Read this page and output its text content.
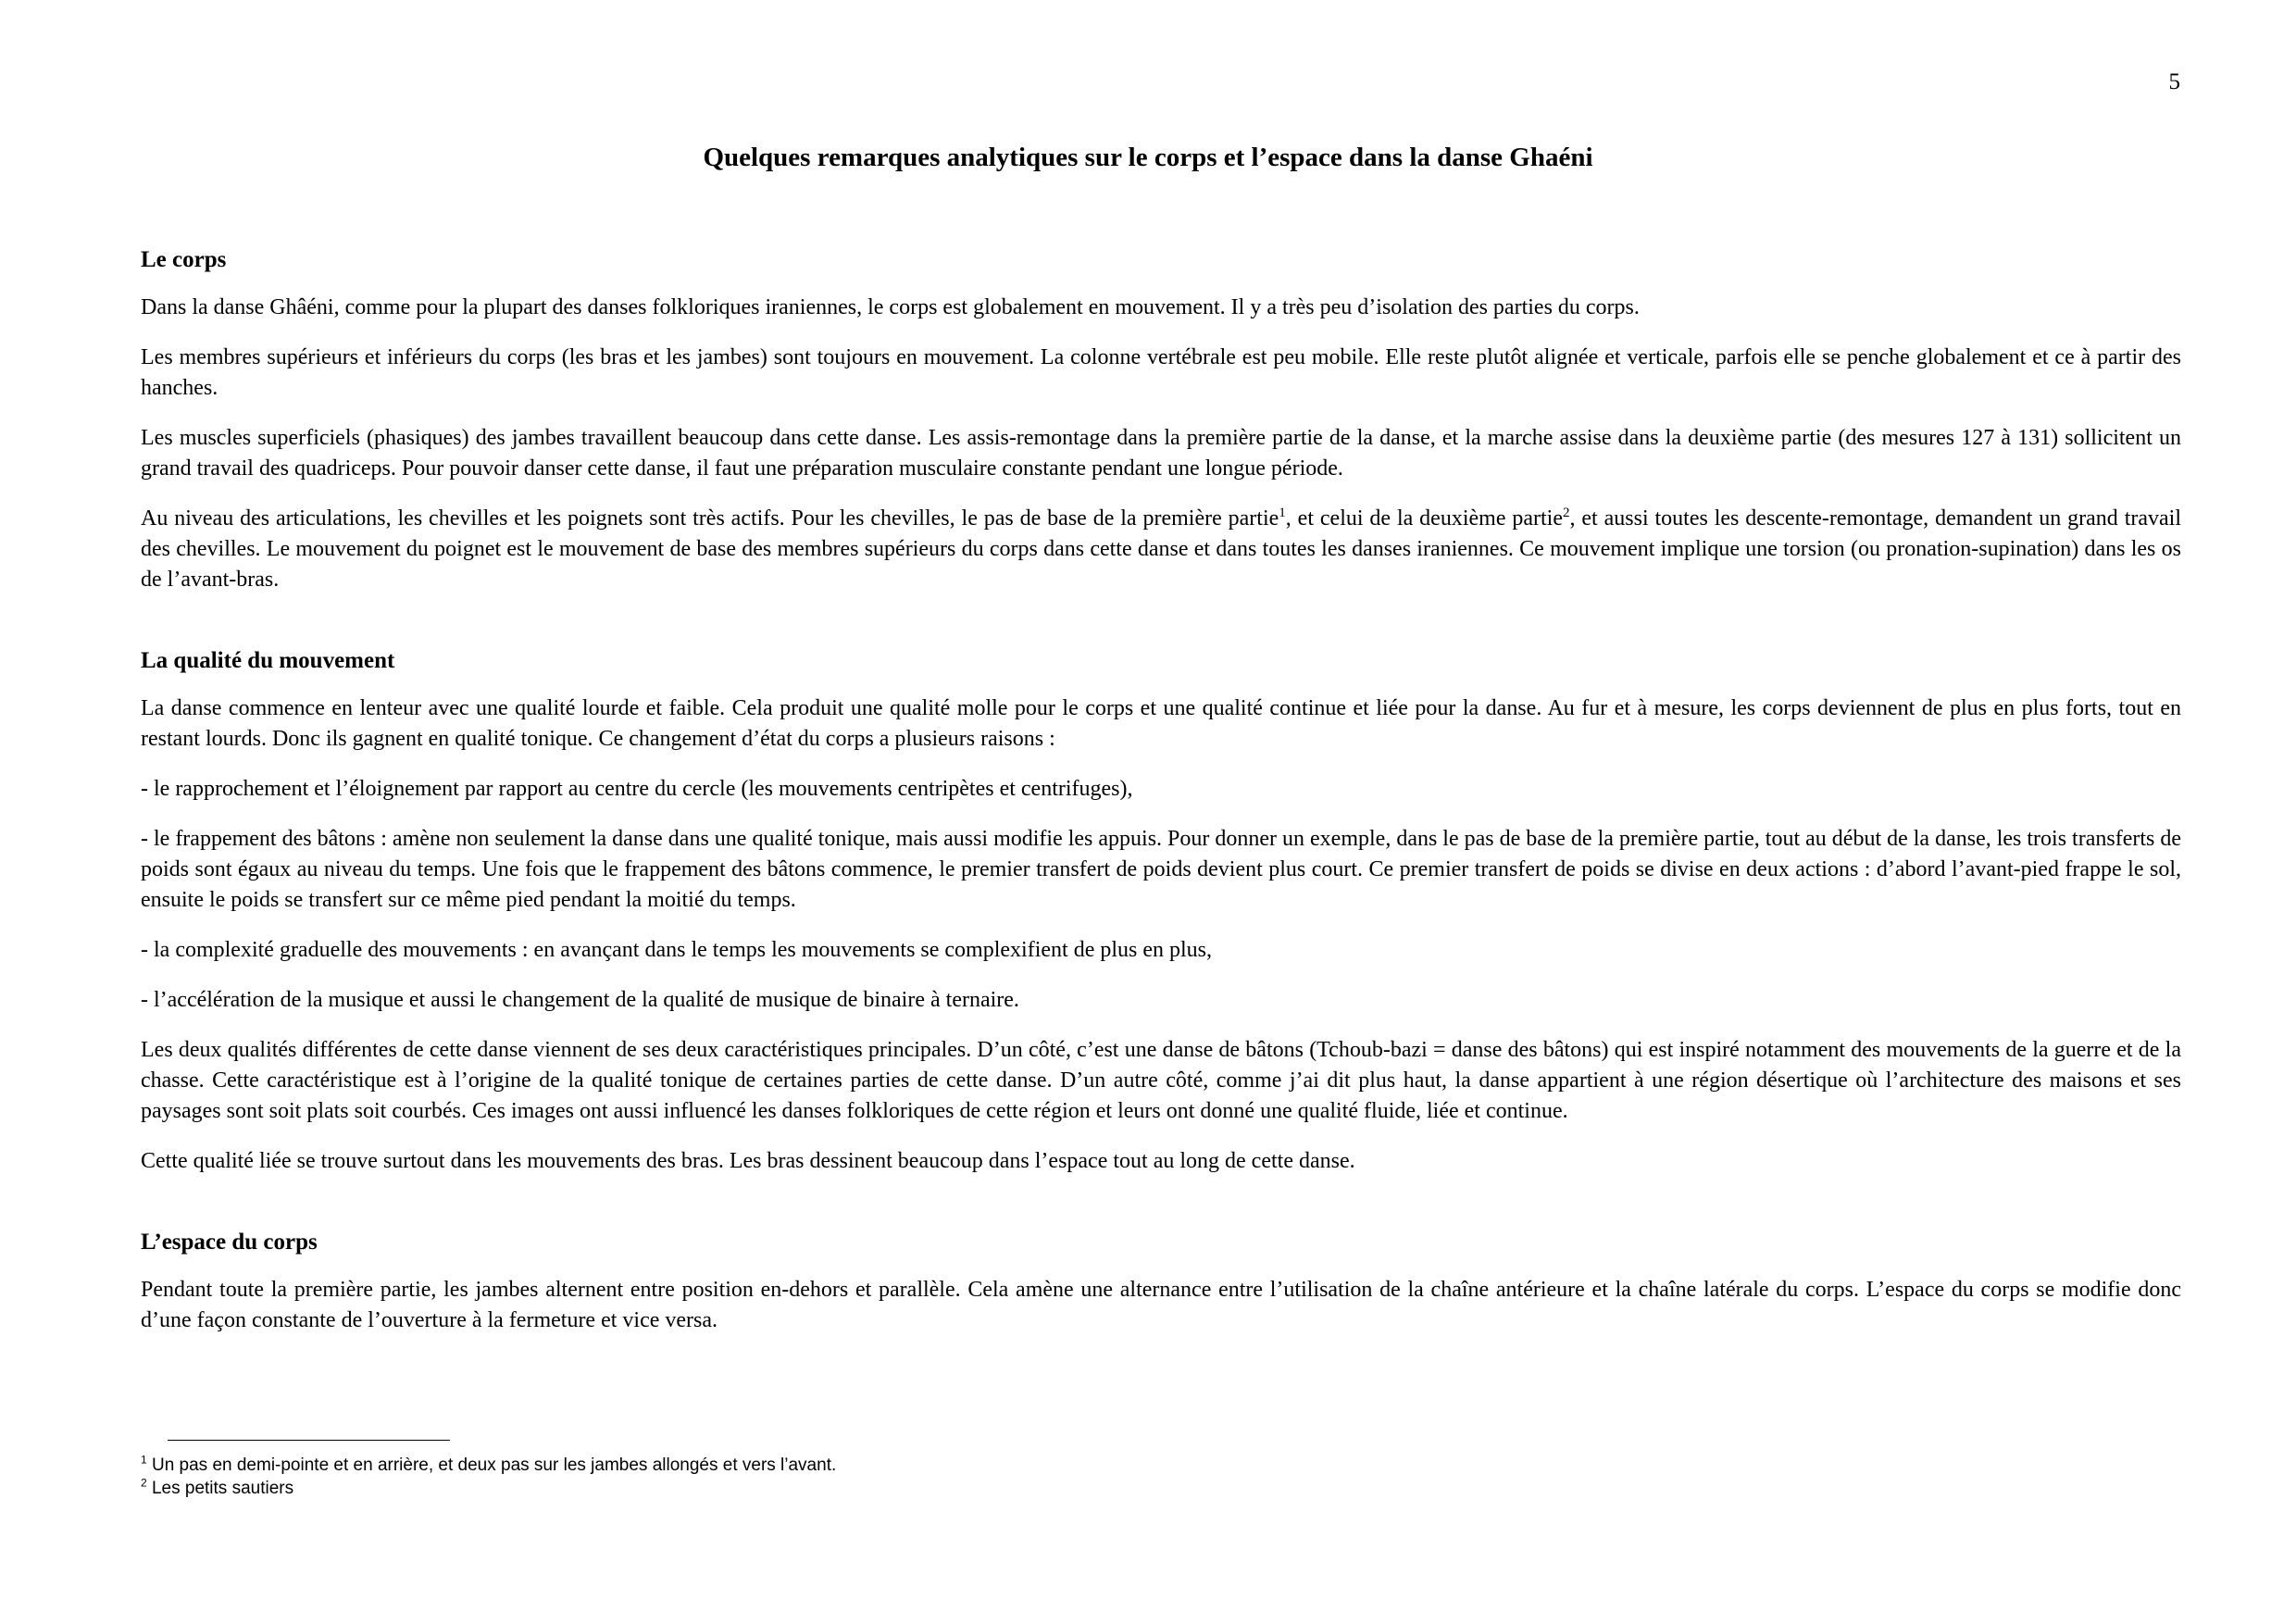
5
Quelques remarques analytiques sur le corps et l’espace dans la danse Ghaéni
Le corps

Dans la danse Ghâéni, comme pour la plupart des danses folkloriques iraniennes, le corps est globalement en mouvement. Il y a très peu d’isolation des parties du corps.

Les membres supérieurs et inférieurs du corps (les bras et les jambes) sont toujours en mouvement. La colonne vertébrale est peu mobile. Elle reste plutôt alignée et verticale, parfois elle se penche globalement et ce à partir des hanches.

Les muscles superficiels (phasiques) des jambes travaillent beaucoup dans cette danse. Les assis-remontage dans la première partie de la danse, et la marche assise dans la deuxième partie (des mesures 127 à 131) sollicitent un grand travail des quadriceps. Pour pouvoir danser cette danse, il faut une préparation musculaire constante pendant une longue période.

Au niveau des articulations, les chevilles et les poignets sont très actifs. Pour les chevilles, le pas de base de la première partie$^1$, et celui de la deuxième partie$^2$, et aussi toutes les descente-remontage, demandent un grand travail des chevilles. Le mouvement du poignet est le mouvement de base des membres supérieurs du corps dans cette danse et dans toutes les danses iraniennes. Ce mouvement implique une torsion (ou pronation-supination) dans les os de l’avant-bras.

La qualité du mouvement

La danse commence en lenteur avec une qualité lourde et faible. Cela produit une qualité molle pour le corps et une qualité continue et liée pour la danse. Au fur et à mesure, les corps deviennent de plus en plus forts, tout en restant lourds. Donc ils gagnent en qualité tonique. Ce changement d’état du corps a plusieurs raisons :

- le rapprochement et l’éloignement par rapport au centre du cercle (les mouvements centripètes et centrifuges),

- le frappement des bâtons : amène non seulement la danse dans une qualité tonique, mais aussi modifie les appuis. Pour donner un exemple, dans le pas de base de la première partie, tout au début de la danse, les trois transferts de poids sont égaux au niveau du temps. Une fois que le frappement des bâtons commence, le premier transfert de poids devient plus court. Ce premier transfert de poids se divise en deux actions : d’abord l’avant-pied frappe le sol, ensuite le poids se transfert sur ce même pied pendant la moitié du temps.

- la complexité graduelle des mouvements : en avançant dans le temps les mouvements se complexifient de plus en plus,

- l’accélération de la musique et aussi le changement de la qualité de musique de binaire à ternaire.

Les deux qualités différentes de cette danse viennent de ses deux caractéristiques principales. D’un côté, c’est une danse de bâtons (Tchoub-bazi = danse des bâtons) qui est inspiré notamment des mouvements de la guerre et de la chasse. Cette caractéristique est à l’origine de la qualité tonique de certaines parties de cette danse. D’un autre côté, comme j’ai dit plus haut, la danse appartient à une région désertique où l’architecture des maisons et ses paysages sont soit plats soit courbés. Ces images ont aussi influencé les danses folkloriques de cette région et leurs ont donné une qualité fluide, liée et continue.

Cette qualité liée se trouve surtout dans les mouvements des bras. Les bras dessinent beaucoup dans l’espace tout au long de cette danse.

L’espace du corps

Pendant toute la première partie, les jambes alternent entre position en-dehors et parallèle. Cela amène une alternance entre l’utilisation de la chaîne antérieure et la chaîne latérale du corps. L’espace du corps se modifie donc d’une façon constante de l’ouverture à la fermeture et vice versa.

$^1$ Un pas en demi-pointe et en arrière, et deux pas sur les jambes allongés et vers l’avant.

$^2$ Les petits sautiers
